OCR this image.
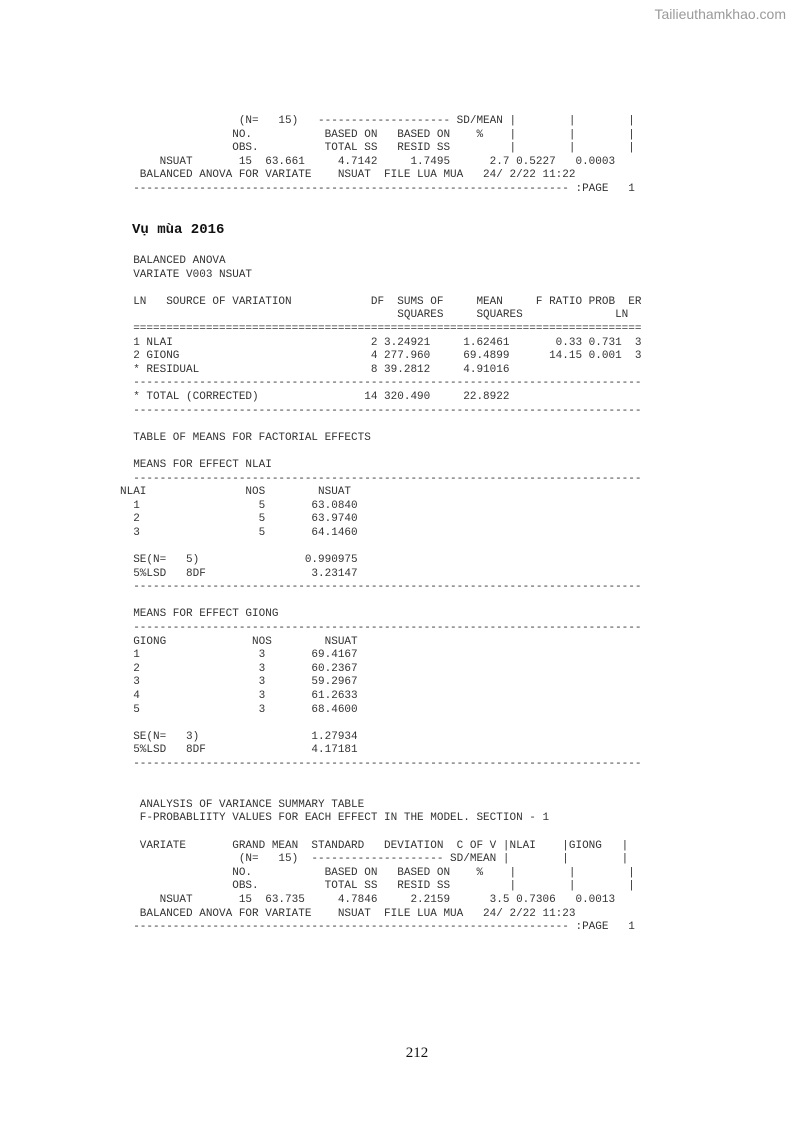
Tailieuthamkhao.com
(N=   15)   -------------------- SD/MEAN |        |        |
NO.           BASED ON   BASED ON    %    |        |        |
OBS.          TOTAL SS   RESID SS         |        |        |
NSUAT       15  63.661     4.7142     1.7495      2.7 0.5227   0.0003
BALANCED ANOVA FOR VARIATE    NSUAT  FILE LUA MUA   24/ 2/22 11:22
------------------------------------------------------------------ :PAGE   1
Vụ mùa 2016
BALANCED ANOVA
VARIATE V003 NSUAT

LN   SOURCE OF VARIATION            DF  SUMS OF     MEAN     F RATIO PROB  ER
SQUARES     SQUARES              LN
=============================================================================
1 NLAI                              2 3.24921     1.62461       0.33 0.731  3
2 GIONG                             4 277.960     69.4899      14.15 0.001  3
* RESIDUAL                          8 39.2812     4.91016
-----------------------------------------------------------------------------
* TOTAL (CORRECTED)                14 320.490     22.8922
-----------------------------------------------------------------------------

TABLE OF MEANS FOR FACTORIAL EFFECTS

MEANS FOR EFFECT NLAI
-----------------------------------------------------------------------------
NLAI               NOS        NSUAT
1                  5       63.0840
2                  5       63.9740
3                  5       64.1460

SE(N=   5)                0.990975
5%LSD   8DF                3.23147
-----------------------------------------------------------------------------

MEANS FOR EFFECT GIONG
-----------------------------------------------------------------------------
GIONG             NOS        NSUAT
1                  3       69.4167
2                  3       60.2367
3                  3       59.2967
4                  3       61.2633
5                  3       68.4600

SE(N=   3)                 1.27934
5%LSD   8DF                4.17181
-----------------------------------------------------------------------------

ANALYSIS OF VARIANCE SUMMARY TABLE
F-PROBABLIITY VALUES FOR EACH EFFECT IN THE MODEL. SECTION - 1

VARIATE       GRAND MEAN  STANDARD   DEVIATION  C OF V |NLAI    |GIONG   |
(N=   15)  -------------------- SD/MEAN |        |        |
NO.           BASED ON   BASED ON    %    |        |        |
OBS.          TOTAL SS   RESID SS         |        |        |
NSUAT       15  63.735     4.7846     2.2159      3.5 0.7306   0.0013
BALANCED ANOVA FOR VARIATE    NSUAT  FILE LUA MUA   24/ 2/22 11:23
------------------------------------------------------------------ :PAGE   1
212
